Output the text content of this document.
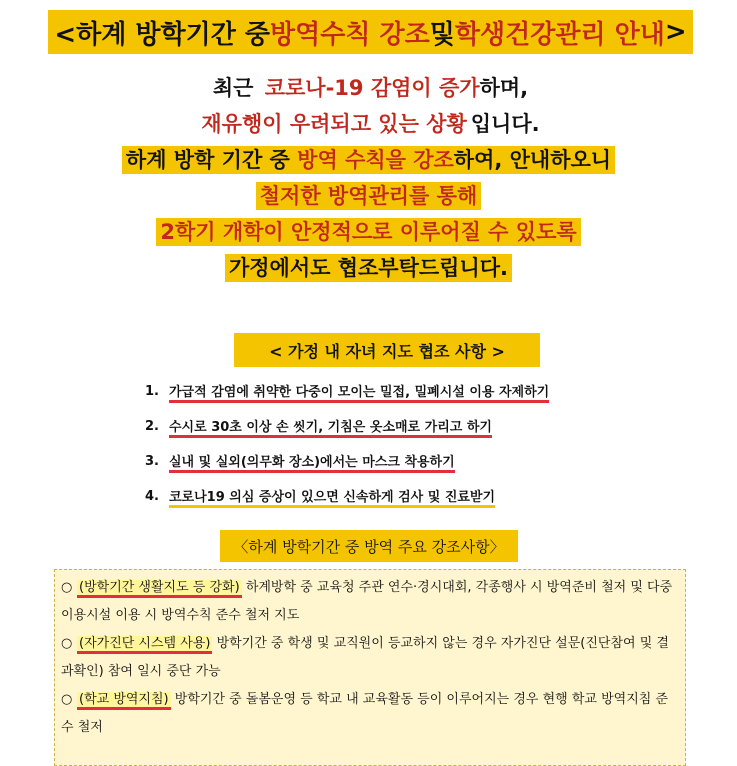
<하계 방학기간 중 방역수칙 강조 및 학생건강관리 안내 >
최근 코로나-19 감염이 증가하며,
재유행이 우려되고 있는 상황 입니다.
하계 방학 기간 중 방역 수칙을 강조하여, 안내하오니
철저한 방역관리를 통해
2학기 개학이 안정적으로 이루어질 수 있도록
가정에서도 협조부탁드립니다.
< 가정 내 자녀 지도 협조 사항 >
1. 가급적 감염에 취약한 다중이 모이는 밀접, 밀폐시설 이용 자제하기
2. 수시로 30초 이상 손 씻기, 기침은 옷소매로 가리고 하기
3. 실내 및 실외(의무화 장소)에서는 마스크 착용하기
4. 코로나19 의심 증상이 있으면 신속하게 검사 및 진료받기
〈하계 방학기간 중 방역 주요 강조사항〉

○ (방학기간 생활지도 등 강화) 하계방학 중 교육청 주관 연수·경시대회, 각종행사 시 방역준비 철저 및 다중이용시설 이용 시 방역수칙 준수 철저 지도

○ (자가진단 시스템 사용) 방학기간 중 학생 및 교직원이 등교하지 않는 경우 자가진단 설문(진단참여 및 결과확인) 참여 일시 중단 가능

○ (학교 방역지침) 방학기간 중 돌봄운영 등 학교 내 교육활동 등이 이루어지는 경우 현행 학교 방역지침 준수 철저
